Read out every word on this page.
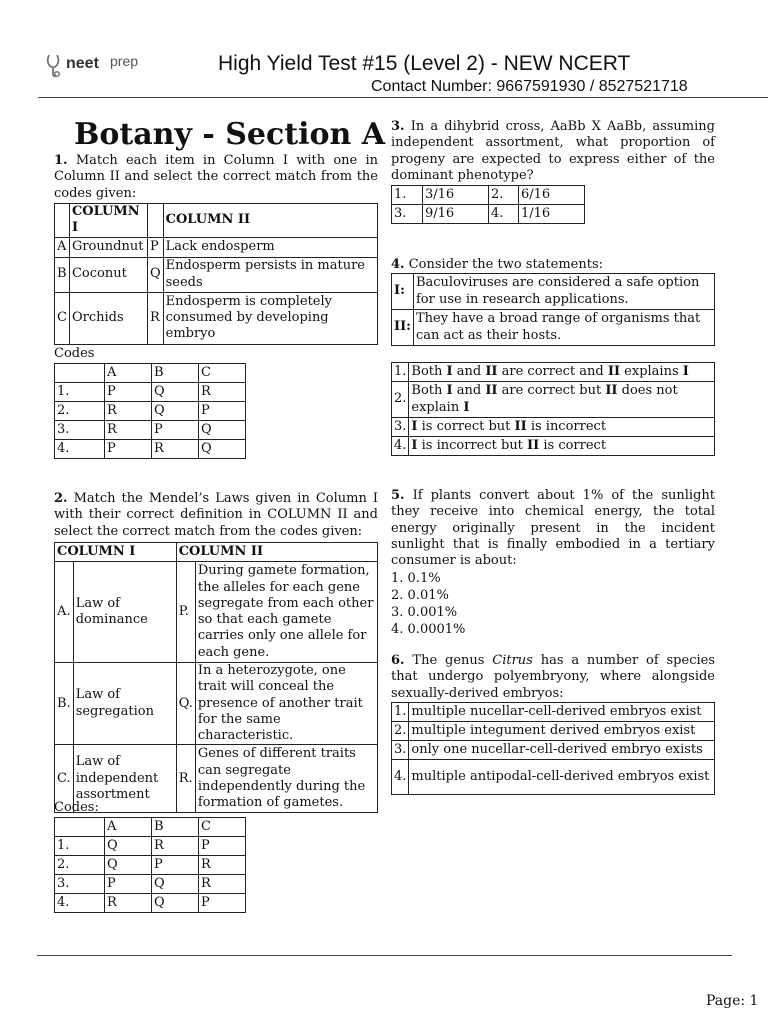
neet prep	High Yield Test #15 (Level 2) - NEW NCERT
Contact Number: 9667591930 / 8527521718
Botany - Section A
1. Match each item in Column I with one in Column II and select the correct match from the codes given:
	COLUMN I		COLUMN II
A	Groundnut	P	Lack endosperm
B	Coconut	Q	Endosperm persists in mature seeds
C	Orchids	R	Endosperm is completely consumed by developing embryo
Codes
	A	B	C
1.	P	Q	R
2.	R	Q	P
3.	R	P	Q
4.	P	R	Q
2. Match the Mendel’s Laws given in Column I with their correct definition in COLUMN II and select the correct match from the codes given:
COLUMN I		COLUMN II	
A.	Law of dominance	P.	During gamete formation, the alleles for each gene segregate from each other so that each gamete carries only one allele for each gene.
B.	Law of segregation	Q.	In a heterozygote, one trait will conceal the presence of another trait for the same characteristic.
C.	Law of independent assortment	R.	Genes of different traits can segregate independently during the formation of gametes.
Codes:
	A	B	C
1.	Q	R	P
2.	Q	P	R
3.	P	Q	R
4.	R	Q	P
3. In a dihybrid cross, AaBb X AaBb, assuming independent assortment, what proportion of progeny are expected to express either of the dominant phenotype?
1.	3/16	2.	6/16
3.	9/16	4.	1/16
4. Consider the two statements:
I:	Baculoviruses are considered a safe option for use in research applications.
II:	They have a broad range of organisms that can act as their hosts.
1.	Both I and II are correct and II explains I
2.	Both I and II are correct but II does not explain I
3.	I is correct but II is incorrect
4.	I is incorrect but II is correct
5. If plants convert about 1% of the sunlight they receive into chemical energy, the total energy originally present in the incident sunlight that is finally embodied in a tertiary consumer is about:
1. 0.1%
2. 0.01%
3. 0.001%
4. 0.0001%
6. The genus Citrus has a number of species that undergo polyembryony, where alongside sexually-derived embryos:
1.	multiple nucellar-cell-derived embryos exist
2.	multiple integument derived embryos exist
3.	only one nucellar-cell-derived embryo exists
4.	multiple antipodal-cell-derived embryos exist
Page: 1
